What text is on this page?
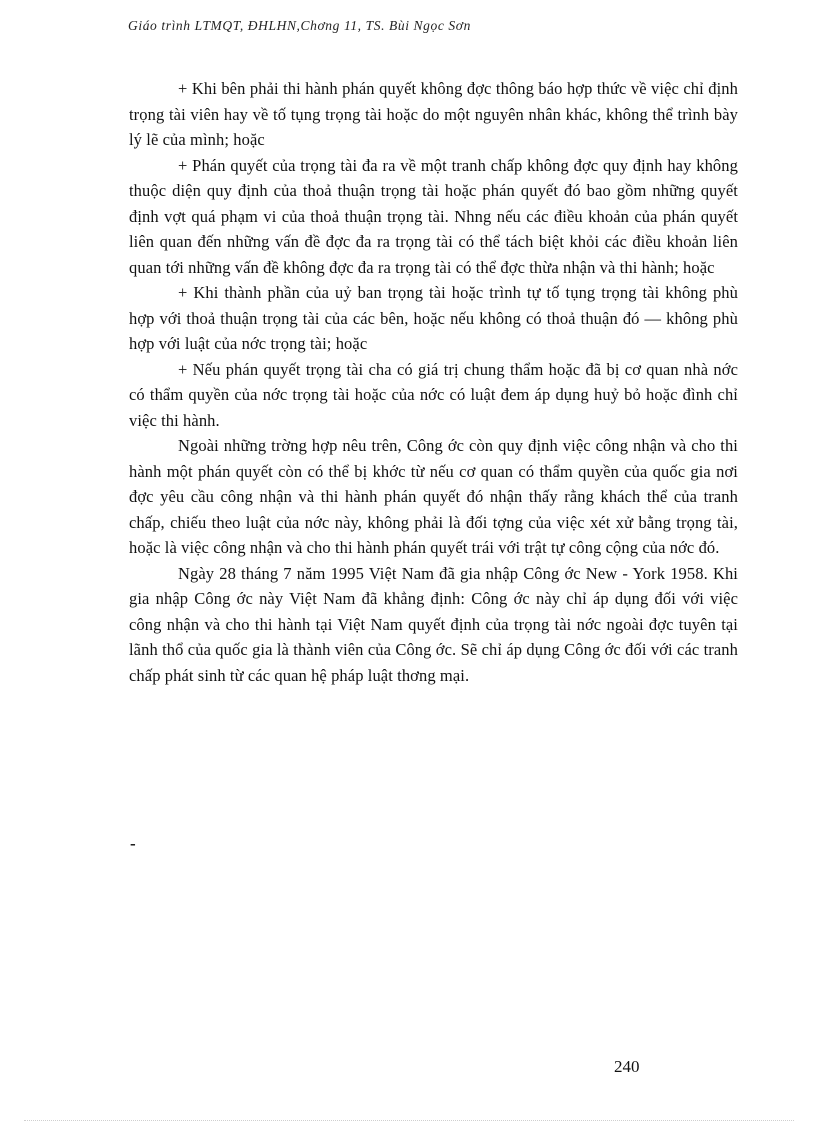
Giáo trình LTMQT, ĐHLHN,Chơng 11, TS. Bùi Ngọc Sơn

+ Khi bên phải thi hành phán quyết không đợc thông báo hợp thức về việc chỉ định trọng tài viên hay về tố tụng trọng tài hoặc do một nguyên nhân khác, không thể trình bày lý lẽ của mình; hoặc

+ Phán quyết của trọng tài đa ra về một tranh chấp không đợc quy định hay không thuộc diện quy định của thoả thuận trọng tài hoặc phán quyết đó bao gồm những quyết định vợt quá phạm vi của thoả thuận trọng tài. Nhng nếu các điều khoản của phán quyết liên quan đến những vấn đề đợc đa ra trọng tài có thể tách biệt khỏi các điều khoản liên quan tới những vấn đề không đợc đa ra trọng tài có thể đợc thừa nhận và thi hành; hoặc

+ Khi thành phần của uỷ ban trọng tài hoặc trình tự tố tụng trọng tài không phù hợp với thoả thuận trọng tài của các bên, hoặc nếu không có thoả thuận đó — không phù hợp với luật của nớc trọng tài; hoặc

+ Nếu phán quyết trọng tài cha có giá trị chung thẩm hoặc đã bị cơ quan nhà nớc có thẩm quyền của nớc trọng tài hoặc của nớc có luật đem áp dụng huỷ bỏ hoặc đình chỉ việc thi hành.

Ngoài những trờng hợp nêu trên, Công ớc còn quy định việc công nhận và cho thi hành một phán quyết còn có thể bị khớc từ nếu cơ quan có thẩm quyền của quốc gia nơi đợc yêu cầu công nhận và thi hành phán quyết đó nhận thấy rằng khách thể của tranh chấp, chiếu theo luật của nớc này, không phải là đối tợng của việc xét xử bằng trọng tài, hoặc là việc công nhận và cho thi hành phán quyết trái với trật tự công cộng của nớc đó.

Ngày 28 tháng 7 năm 1995 Việt Nam đã gia nhập Công ớc New - York 1958. Khi gia nhập Công ớc này Việt Nam đã khẳng định: Công ớc này chỉ áp dụng đối với việc công nhận và cho thi hành tại Việt Nam quyết định của trọng tài nớc ngoài đợc tuyên tại lãnh thổ của quốc gia là thành viên của Công ớc. Sẽ chỉ áp dụng Công ớc đối với các tranh chấp phát sinh từ các quan hệ pháp luật thơng mại.

-
240
